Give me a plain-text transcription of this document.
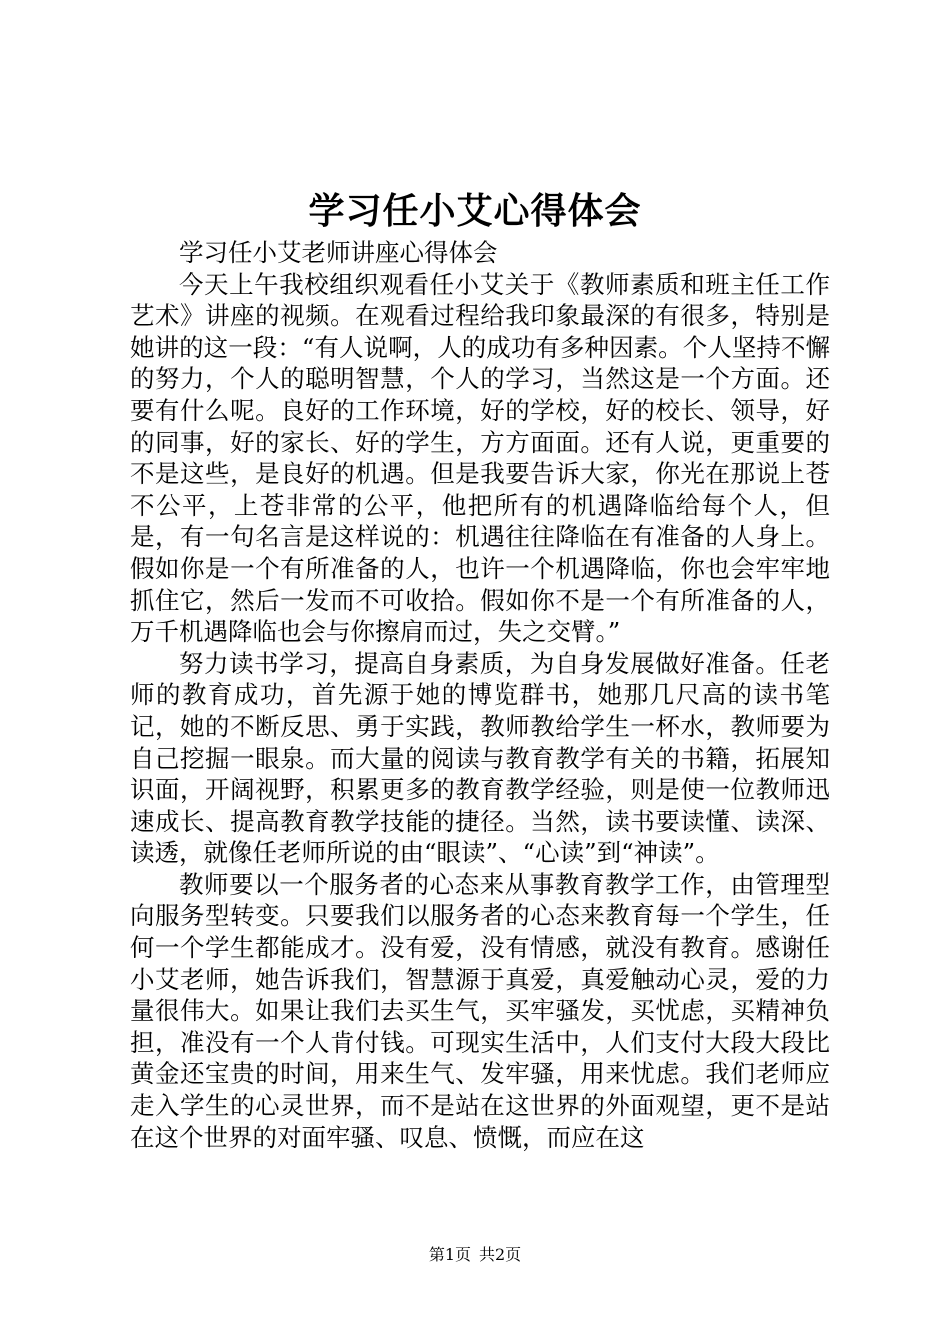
学习任小艾心得体会

学习任小艾老师讲座心得体会

今天上午我校组织观看任小艾关于《教师素质和班主任工作艺术》讲座的视频。在观看过程给我印象最深的有很多，特别是她讲的这一段：“有人说啊，人的成功有多种因素。个人坚持不懈的努力，个人的聪明智慧，个人的学习，当然这是一个方面。还要有什么呢。良好的工作环境，好的学校，好的校长、领导，好的同事，好的家长、好的学生，方方面面。还有人说，更重要的不是这些，是良好的机遇。但是我要告诉大家，你光在那说上苍不公平，上苍非常的公平，他把所有的机遇降临给每个人，但是，有一句名言是这样说的：机遇往往降临在有准备的人身上。假如你是一个有所准备的人，也许一个机遇降临，你也会牢牢地抓住它，然后一发而不可收拾。假如你不是一个有所准备的人，万千机遇降临也会与你擦肩而过，失之交臂。”

努力读书学习，提高自身素质，为自身发展做好准备。任老师的教育成功，首先源于她的博览群书，她那几尺高的读书笔记，她的不断反思、勇于实践，教师教给学生一杯水，教师要为自己挖掘一眼泉。而大量的阅读与教育教学有关的书籍，拓展知识面，开阔视野，积累更多的教育教学经验，则是使一位教师迅速成长、提高教育教学技能的捷径。当然，读书要读懂、读深、读透，就像任老师所说的由“眼读”、“心读”到“神读”。

教师要以一个服务者的心态来从事教育教学工作，由管理型向服务型转变。只要我们以服务者的心态来教育每一个学生，任何一个学生都能成才。没有爱，没有情感，就没有教育。感谢任小艾老师，她告诉我们，智慧源于真爱，真爱触动心灵，爱的力量很伟大。如果让我们去买生气，买牢骚发，买忧虑，买精神负担，准没有一个人肯付钱。可现实生活中，人们支付大段大段比黄金还宝贵的时间，用来生气、发牢骚，用来忧虑。我们老师应走入学生的心灵世界，而不是站在这世界的外面观望，更不是站在这个世界的对面牢骚、叹息、愤慨，而应在这

第1页 共2页
